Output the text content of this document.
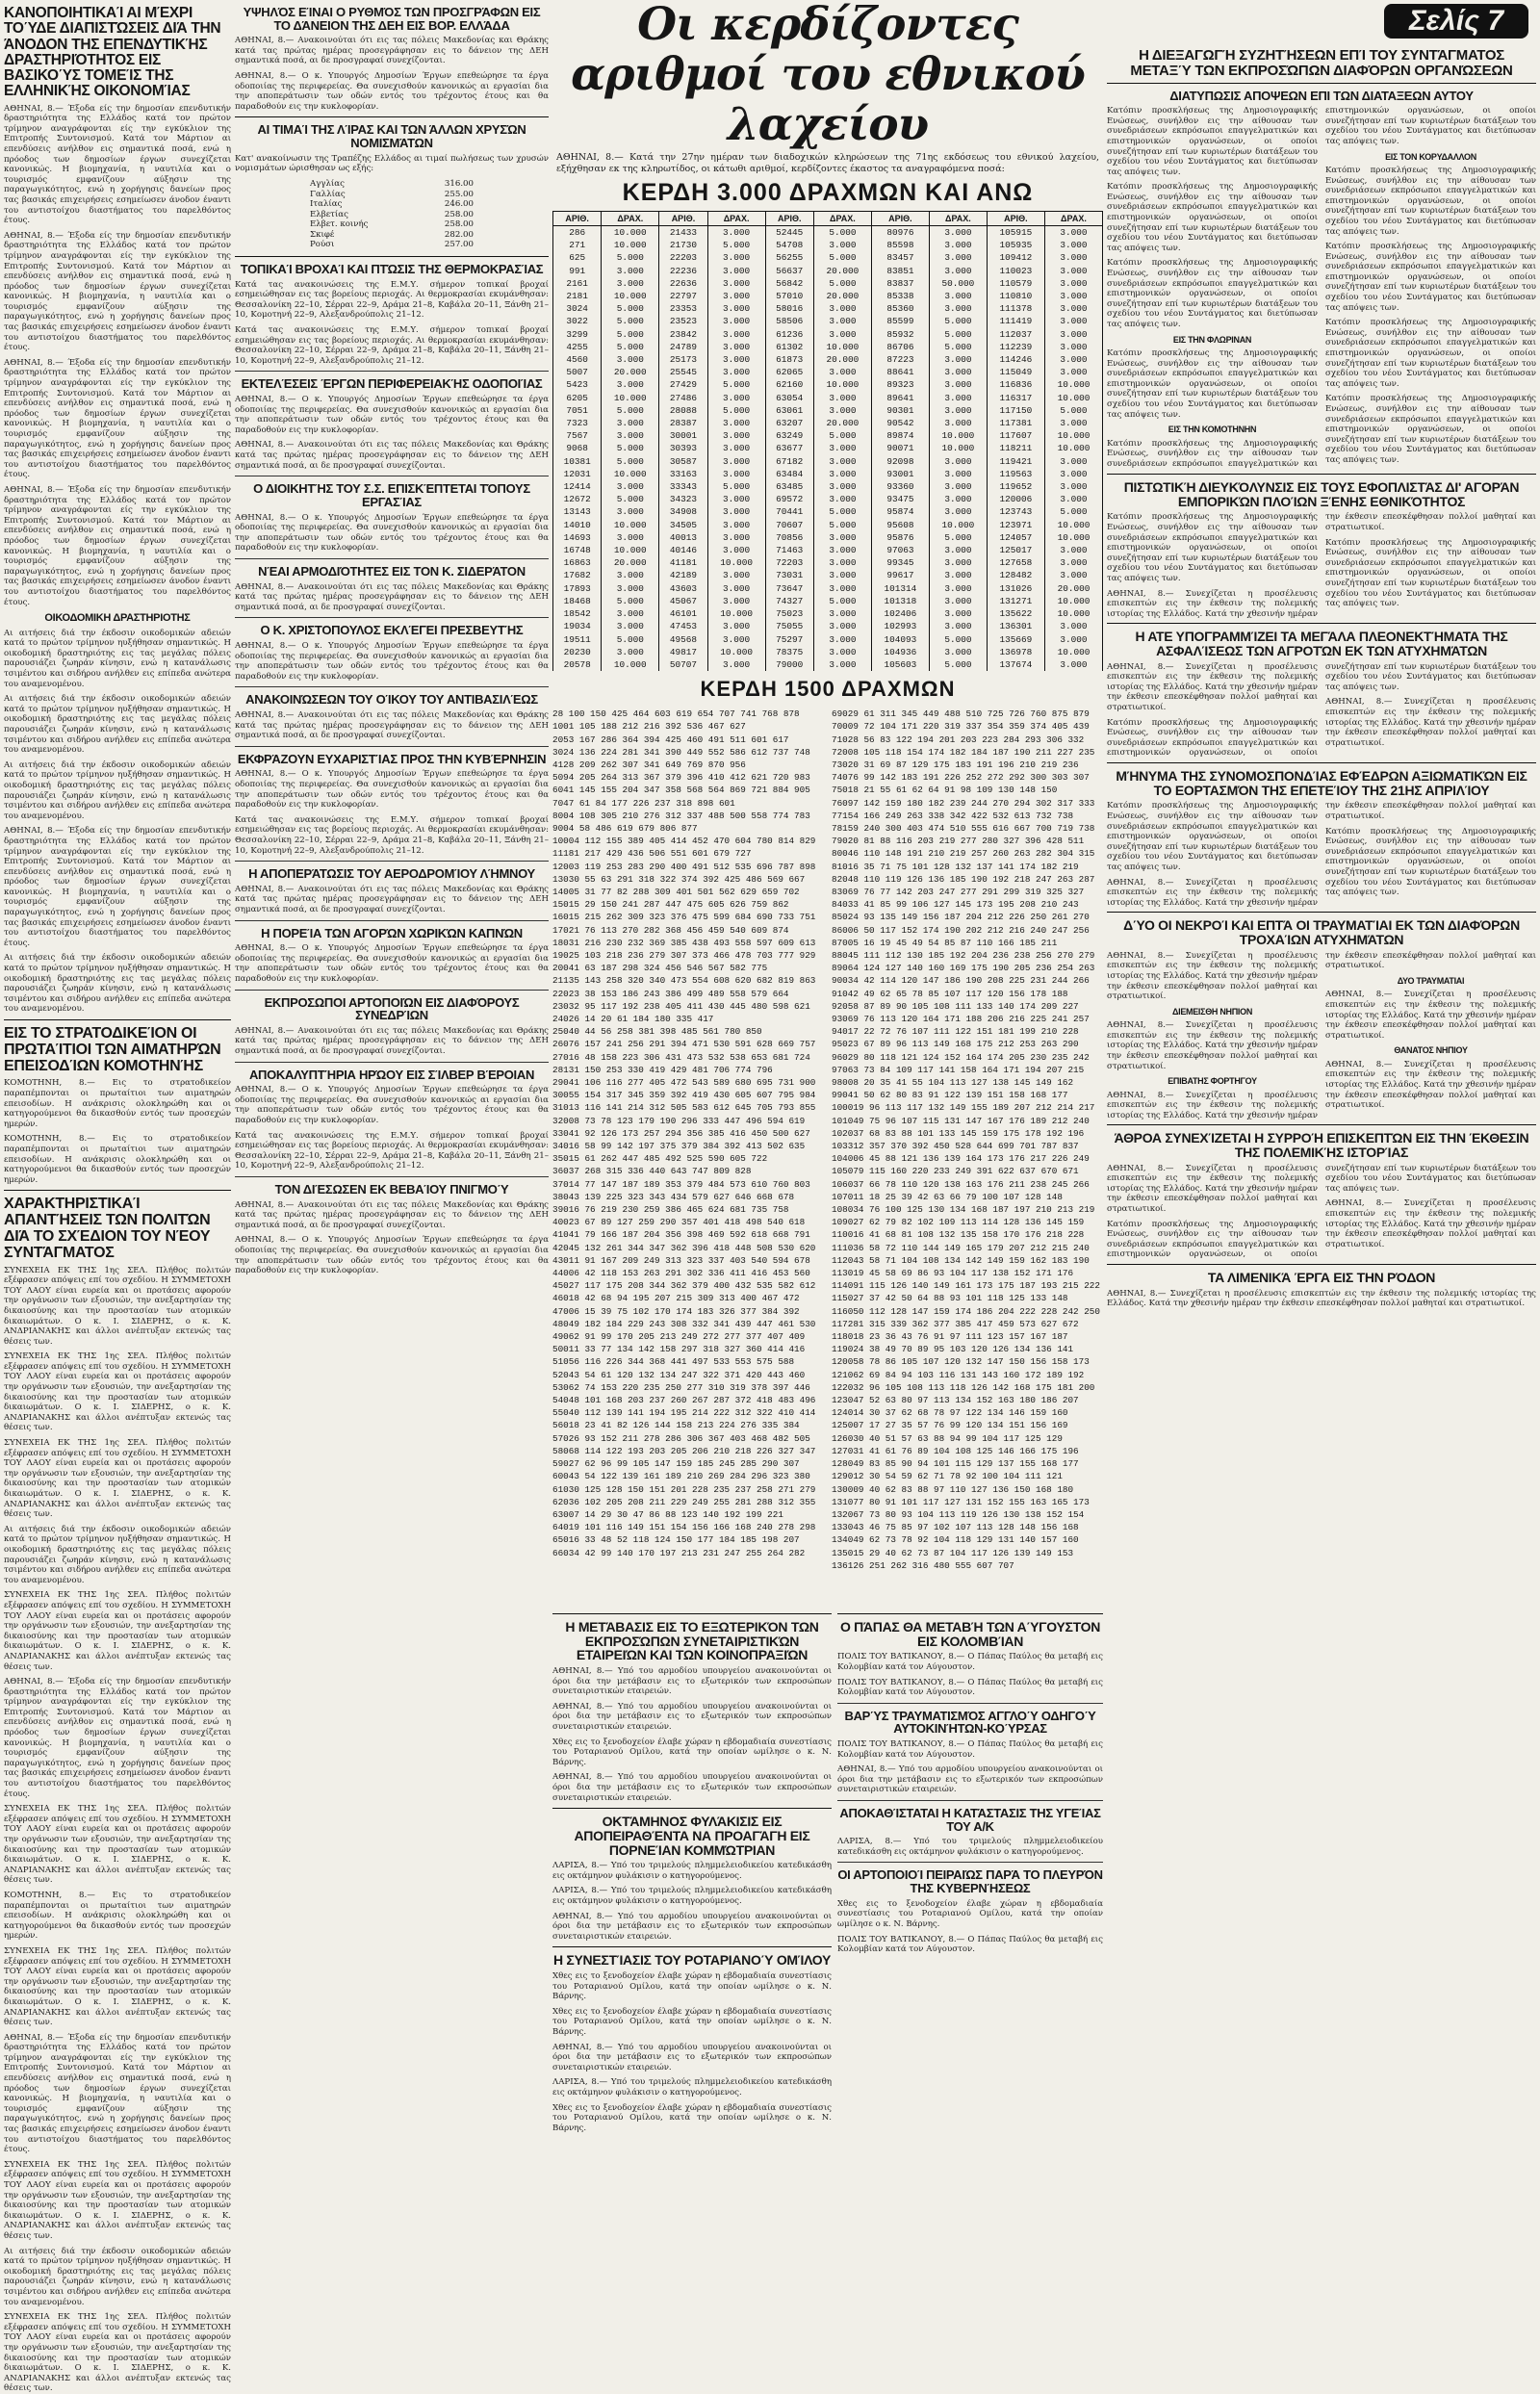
ΚΑΝΟΠΟΙΗΤΙΚΑΊ ΑΙ ΜΈΧΡΙ ΤΟΎΔΕ ΔΙΑΠΙΣΤΏΣΕΙΣ ΔΙΆ ΤΗΝ ΆΝΟΔΟΝ ΤΗΣ ΕΠΕΝΔΥΤΙΚΉΣ ΔΡΑΣΤΗΡΙΌΤΗΤΟΣ ΕΙΣ ΒΑΣΙΚΟΎΣ ΤΟΜΕΊΣ ΤΗΣ ΕΛΛΗΝΙΚΉΣ ΟΙΚΟΝΟΜΊΑΣ

ΑΘΗΝΑΙ, 8.— Έξοδα είς την δημοσίαν επενδυτικήν δραστηριότητα της Ελλάδος κατά τον πρώτον τρίμηνον αναγράφονται είς την εγκύκλιον της Επιτροπής Συντονισμού. Κατά τον Μάρτιον αι επενδύσεις ανήλθον εις σημαντικά ποσά, ενώ η πρόοδος των δημοσίων έργων συνεχίζεται κανονικώς. Η βιομηχανία, η ναυτιλία και ο τουρισμός εμφανίζουν αύξησιν της παραγωγικότητος, ενώ η χορήγησις δανείων προς τας βασικάς επιχειρήσεις εσημείωσεν άνοδον έναντι του αντιστοίχου διαστήματος του παρελθόντος έτους.

ΑΘΗΝΑΙ, 8.— Έξοδα είς την δημοσίαν επενδυτικήν δραστηριότητα της Ελλάδος κατά τον πρώτον τρίμηνον αναγράφονται είς την εγκύκλιον της Επιτροπής Συντονισμού. Κατά τον Μάρτιον αι επενδύσεις ανήλθον εις σημαντικά ποσά, ενώ η πρόοδος των δημοσίων έργων συνεχίζεται κανονικώς. Η βιομηχανία, η ναυτιλία και ο τουρισμός εμφανίζουν αύξησιν της παραγωγικότητος, ενώ η χορήγησις δανείων προς τας βασικάς επιχειρήσεις εσημείωσεν άνοδον έναντι του αντιστοίχου διαστήματος του παρελθόντος έτους.

ΑΘΗΝΑΙ, 8.— Έξοδα είς την δημοσίαν επενδυτικήν δραστηριότητα της Ελλάδος κατά τον πρώτον τρίμηνον αναγράφονται είς την εγκύκλιον της Επιτροπής Συντονισμού. Κατά τον Μάρτιον αι επενδύσεις ανήλθον εις σημαντικά ποσά, ενώ η πρόοδος των δημοσίων έργων συνεχίζεται κανονικώς. Η βιομηχανία, η ναυτιλία και ο τουρισμός εμφανίζουν αύξησιν της παραγωγικότητος, ενώ η χορήγησις δανείων προς τας βασικάς επιχειρήσεις εσημείωσεν άνοδον έναντι του αντιστοίχου διαστήματος του παρελθόντος έτους.

ΑΘΗΝΑΙ, 8.— Έξοδα είς την δημοσίαν επενδυτικήν δραστηριότητα της Ελλάδος κατά τον πρώτον τρίμηνον αναγράφονται είς την εγκύκλιον της Επιτροπής Συντονισμού. Κατά τον Μάρτιον αι επενδύσεις ανήλθον εις σημαντικά ποσά, ενώ η πρόοδος των δημοσίων έργων συνεχίζεται κανονικώς. Η βιομηχανία, η ναυτιλία και ο τουρισμός εμφανίζουν αύξησιν της παραγωγικότητος, ενώ η χορήγησις δανείων προς τας βασικάς επιχειρήσεις εσημείωσεν άνοδον έναντι του αντιστοίχου διαστήματος του παρελθόντος έτους.

ΟΙΚΟΔΟΜΙΚΗ ΔΡΑΣΤΗΡΙΟΤΗΣ

Αι αιτήσεις διά την έκδοσιν οικοδομικών αδειών κατά το πρώτον τρίμηνον ηυξήθησαν σημαντικώς. Η οικοδομική δραστηριότης εις τας μεγάλας πόλεις παρουσιάζει ζωηράν κίνησιν, ενώ η κατανάλωσις τσιμέντου και σιδήρου ανήλθεν εις επίπεδα ανώτερα του αναμενομένου.

Αι αιτήσεις διά την έκδοσιν οικοδομικών αδειών κατά το πρώτον τρίμηνον ηυξήθησαν σημαντικώς. Η οικοδομική δραστηριότης εις τας μεγάλας πόλεις παρουσιάζει ζωηράν κίνησιν, ενώ η κατανάλωσις τσιμέντου και σιδήρου ανήλθεν εις επίπεδα ανώτερα του αναμενομένου.

Αι αιτήσεις διά την έκδοσιν οικοδομικών αδειών κατά το πρώτον τρίμηνον ηυξήθησαν σημαντικώς. Η οικοδομική δραστηριότης εις τας μεγάλας πόλεις παρουσιάζει ζωηράν κίνησιν, ενώ η κατανάλωσις τσιμέντου και σιδήρου ανήλθεν εις επίπεδα ανώτερα του αναμενομένου.

ΑΘΗΝΑΙ, 8.— Έξοδα είς την δημοσίαν επενδυτικήν δραστηριότητα της Ελλάδος κατά τον πρώτον τρίμηνον αναγράφονται είς την εγκύκλιον της Επιτροπής Συντονισμού. Κατά τον Μάρτιον αι επενδύσεις ανήλθον εις σημαντικά ποσά, ενώ η πρόοδος των δημοσίων έργων συνεχίζεται κανονικώς. Η βιομηχανία, η ναυτιλία και ο τουρισμός εμφανίζουν αύξησιν της παραγωγικότητος, ενώ η χορήγησις δανείων προς τας βασικάς επιχειρήσεις εσημείωσεν άνοδον έναντι του αντιστοίχου διαστήματος του παρελθόντος έτους.

Αι αιτήσεις διά την έκδοσιν οικοδομικών αδειών κατά το πρώτον τρίμηνον ηυξήθησαν σημαντικώς. Η οικοδομική δραστηριότης εις τας μεγάλας πόλεις παρουσιάζει ζωηράν κίνησιν, ενώ η κατανάλωσις τσιμέντου και σιδήρου ανήλθεν εις επίπεδα ανώτερα του αναμενομένου.

ΕΙΣ ΤΟ ΣΤΡΑΤΟΔΙΚΕΊΟΝ ΟΙ ΠΡΩΤΑΊΤΙΟΙ ΤΩΝ ΑΙΜΑΤΗΡΏΝ ΕΠΕΙΣΟΔΊΩΝ ΚΟΜΟΤΗΝΉΣ

ΚΟΜΟΤΗΝΗ, 8.— Εις το στρατοδικείον παραπέμπονται οι πρωταίτιοι των αιματηρών επεισοδίων. Η ανάκρισις ολοκληρώθη και οι κατηγορούμενοι θα δικασθούν εντός των προσεχών ημερών.

ΚΟΜΟΤΗΝΗ, 8.— Εις το στρατοδικείον παραπέμπονται οι πρωταίτιοι των αιματηρών επεισοδίων. Η ανάκρισις ολοκληρώθη και οι κατηγορούμενοι θα δικασθούν εντός των προσεχών ημερών.

ΧΑΡΑΚΤΗΡΙΣΤΙΚΑΊ ΑΠΑΝΤΉΣΕΙΣ ΤΩΝ ΠΟΛΙΤΏΝ ΔΙΆ ΤΟ ΣΧΈΔΙΟΝ ΤΟΥ ΝΈΟΥ ΣΥΝΤΆΓΜΑΤΟΣ

ΣΥΝΕΧΕΙΑ ΕΚ ΤΗΣ 1ης ΣΕΛ. Πλήθος πολιτών εξέφρασεν απόψεις επί του σχεδίου. Η ΣΥΜΜΕΤΟΧΗ ΤΟΥ ΛΑΟΥ είναι ευρεία και οι προτάσεις αφορούν την οργάνωσιν των εξουσιών, την ανεξαρτησίαν της δικαιοσύνης και την προστασίαν των ατομικών δικαιωμάτων. Ο κ. Ι. ΣΙΔΕΡΗΣ, ο κ. Κ. ΑΝΔΡΙΑΝΑΚΗΣ και άλλοι ανέπτυξαν εκτενώς τας θέσεις των.

ΣΥΝΕΧΕΙΑ ΕΚ ΤΗΣ 1ης ΣΕΛ. Πλήθος πολιτών εξέφρασεν απόψεις επί του σχεδίου. Η ΣΥΜΜΕΤΟΧΗ ΤΟΥ ΛΑΟΥ είναι ευρεία και οι προτάσεις αφορούν την οργάνωσιν των εξουσιών, την ανεξαρτησίαν της δικαιοσύνης και την προστασίαν των ατομικών δικαιωμάτων. Ο κ. Ι. ΣΙΔΕΡΗΣ, ο κ. Κ. ΑΝΔΡΙΑΝΑΚΗΣ και άλλοι ανέπτυξαν εκτενώς τας θέσεις των.

ΣΥΝΕΧΕΙΑ ΕΚ ΤΗΣ 1ης ΣΕΛ. Πλήθος πολιτών εξέφρασεν απόψεις επί του σχεδίου. Η ΣΥΜΜΕΤΟΧΗ ΤΟΥ ΛΑΟΥ είναι ευρεία και οι προτάσεις αφορούν την οργάνωσιν των εξουσιών, την ανεξαρτησίαν της δικαιοσύνης και την προστασίαν των ατομικών δικαιωμάτων. Ο κ. Ι. ΣΙΔΕΡΗΣ, ο κ. Κ. ΑΝΔΡΙΑΝΑΚΗΣ και άλλοι ανέπτυξαν εκτενώς τας θέσεις των.

Αι αιτήσεις διά την έκδοσιν οικοδομικών αδειών κατά το πρώτον τρίμηνον ηυξήθησαν σημαντικώς. Η οικοδομική δραστηριότης εις τας μεγάλας πόλεις παρουσιάζει ζωηράν κίνησιν, ενώ η κατανάλωσις τσιμέντου και σιδήρου ανήλθεν εις επίπεδα ανώτερα του αναμενομένου.

ΣΥΝΕΧΕΙΑ ΕΚ ΤΗΣ 1ης ΣΕΛ. Πλήθος πολιτών εξέφρασεν απόψεις επί του σχεδίου. Η ΣΥΜΜΕΤΟΧΗ ΤΟΥ ΛΑΟΥ είναι ευρεία και οι προτάσεις αφορούν την οργάνωσιν των εξουσιών, την ανεξαρτησίαν της δικαιοσύνης και την προστασίαν των ατομικών δικαιωμάτων. Ο κ. Ι. ΣΙΔΕΡΗΣ, ο κ. Κ. ΑΝΔΡΙΑΝΑΚΗΣ και άλλοι ανέπτυξαν εκτενώς τας θέσεις των.

ΑΘΗΝΑΙ, 8.— Έξοδα είς την δημοσίαν επενδυτικήν δραστηριότητα της Ελλάδος κατά τον πρώτον τρίμηνον αναγράφονται είς την εγκύκλιον της Επιτροπής Συντονισμού. Κατά τον Μάρτιον αι επενδύσεις ανήλθον εις σημαντικά ποσά, ενώ η πρόοδος των δημοσίων έργων συνεχίζεται κανονικώς. Η βιομηχανία, η ναυτιλία και ο τουρισμός εμφανίζουν αύξησιν της παραγωγικότητος, ενώ η χορήγησις δανείων προς τας βασικάς επιχειρήσεις εσημείωσεν άνοδον έναντι του αντιστοίχου διαστήματος του παρελθόντος έτους.

ΣΥΝΕΧΕΙΑ ΕΚ ΤΗΣ 1ης ΣΕΛ. Πλήθος πολιτών εξέφρασεν απόψεις επί του σχεδίου. Η ΣΥΜΜΕΤΟΧΗ ΤΟΥ ΛΑΟΥ είναι ευρεία και οι προτάσεις αφορούν την οργάνωσιν των εξουσιών, την ανεξαρτησίαν της δικαιοσύνης και την προστασίαν των ατομικών δικαιωμάτων. Ο κ. Ι. ΣΙΔΕΡΗΣ, ο κ. Κ. ΑΝΔΡΙΑΝΑΚΗΣ και άλλοι ανέπτυξαν εκτενώς τας θέσεις των.

ΚΟΜΟΤΗΝΗ, 8.— Εις το στρατοδικείον παραπέμπονται οι πρωταίτιοι των αιματηρών επεισοδίων. Η ανάκρισις ολοκληρώθη και οι κατηγορούμενοι θα δικασθούν εντός των προσεχών ημερών.

ΣΥΝΕΧΕΙΑ ΕΚ ΤΗΣ 1ης ΣΕΛ. Πλήθος πολιτών εξέφρασεν απόψεις επί του σχεδίου. Η ΣΥΜΜΕΤΟΧΗ ΤΟΥ ΛΑΟΥ είναι ευρεία και οι προτάσεις αφορούν την οργάνωσιν των εξουσιών, την ανεξαρτησίαν της δικαιοσύνης και την προστασίαν των ατομικών δικαιωμάτων. Ο κ. Ι. ΣΙΔΕΡΗΣ, ο κ. Κ. ΑΝΔΡΙΑΝΑΚΗΣ και άλλοι ανέπτυξαν εκτενώς τας θέσεις των.

ΑΘΗΝΑΙ, 8.— Έξοδα είς την δημοσίαν επενδυτικήν δραστηριότητα της Ελλάδος κατά τον πρώτον τρίμηνον αναγράφονται είς την εγκύκλιον της Επιτροπής Συντονισμού. Κατά τον Μάρτιον αι επενδύσεις ανήλθον εις σημαντικά ποσά, ενώ η πρόοδος των δημοσίων έργων συνεχίζεται κανονικώς. Η βιομηχανία, η ναυτιλία και ο τουρισμός εμφανίζουν αύξησιν της παραγωγικότητος, ενώ η χορήγησις δανείων προς τας βασικάς επιχειρήσεις εσημείωσεν άνοδον έναντι του αντιστοίχου διαστήματος του παρελθόντος έτους.

ΣΥΝΕΧΕΙΑ ΕΚ ΤΗΣ 1ης ΣΕΛ. Πλήθος πολιτών εξέφρασεν απόψεις επί του σχεδίου. Η ΣΥΜΜΕΤΟΧΗ ΤΟΥ ΛΑΟΥ είναι ευρεία και οι προτάσεις αφορούν την οργάνωσιν των εξουσιών, την ανεξαρτησίαν της δικαιοσύνης και την προστασίαν των ατομικών δικαιωμάτων. Ο κ. Ι. ΣΙΔΕΡΗΣ, ο κ. Κ. ΑΝΔΡΙΑΝΑΚΗΣ και άλλοι ανέπτυξαν εκτενώς τας θέσεις των.

Αι αιτήσεις διά την έκδοσιν οικοδομικών αδειών κατά το πρώτον τρίμηνον ηυξήθησαν σημαντικώς. Η οικοδομική δραστηριότης εις τας μεγάλας πόλεις παρουσιάζει ζωηράν κίνησιν, ενώ η κατανάλωσις τσιμέντου και σιδήρου ανήλθεν εις επίπεδα ανώτερα του αναμενομένου.

ΣΥΝΕΧΕΙΑ ΕΚ ΤΗΣ 1ης ΣΕΛ. Πλήθος πολιτών εξέφρασεν απόψεις επί του σχεδίου. Η ΣΥΜΜΕΤΟΧΗ ΤΟΥ ΛΑΟΥ είναι ευρεία και οι προτάσεις αφορούν την οργάνωσιν των εξουσιών, την ανεξαρτησίαν της δικαιοσύνης και την προστασίαν των ατομικών δικαιωμάτων. Ο κ. Ι. ΣΙΔΕΡΗΣ, ο κ. Κ. ΑΝΔΡΙΑΝΑΚΗΣ και άλλοι ανέπτυξαν εκτενώς τας θέσεις των.

ΥΨΗΛΌΣ ΕΊΝΑΙ Ο ΡΥΘΜΌΣ ΤΩΝ ΠΡΟΣΓΡΆΦΩΝ ΕΙΣ ΤΟ ΔΆΝΕΙΟΝ ΤΗΣ ΔΕΗ ΕΙΣ ΒΟΡ. ΕΛΛΆΔΑ

ΑΘΗΝΑΙ, 8.— Ανακοινούται ότι εις τας πόλεις Μακεδονίας και Θράκης κατά τας πρώτας ημέρας προσεγράφησαν εις το δάνειον της ΔΕΗ σημαντικά ποσά, αι δε προσγραφαί συνεχίζονται.

ΑΘΗΝΑΙ, 8.— Ο κ. Υπουργός Δημοσίων Έργων επεθεώρησε τα έργα οδοποιίας της περιφερείας. Θα συνεχισθούν κανονικώς αι εργασίαι δια την αποπεράτωσιν των οδών εντός του τρέχοντος έτους και θα παραδοθούν εις την κυκλοφορίαν.

ΑΙ ΤΙΜΑΊ ΤΗΣ ΛΊΡΑΣ ΚΑΙ ΤΩΝ ΆΛΛΩΝ ΧΡΥΣΏΝ ΝΟΜΙΣΜΆΤΩΝ

Κατ' ανακοίνωσιν της Τραπέζης Ελλάδος αι τιμαί πωλήσεως των χρυσών νομισμάτων ώρισθησαν ως εξής:

Αγγλίας	316.00
Γαλλίας	255.00
Ιταλίας	246.00
Ελβετίας	258.00
Ελβετ. κοινής	258.00
Σκιφέ	282.00
Ρούσι	257.00
ΤΟΠΙΚΑΊ ΒΡΟΧΑΊ ΚΑΙ ΠΤΏΣΙΣ ΤΗΣ ΘΕΡΜΟΚΡΑΣΊΑΣ

Κατά τας ανακοινώσεις της Ε.Μ.Υ. σήμερον τοπικαί βροχαί εσημειώθησαν εις τας βορείους περιοχάς. Αι θερμοκρασίαι εκυμάνθησαν: Θεσσαλονίκη 22–10, Σέρραι 22–9, Δράμα 21–8, Καβάλα 20–11, Ξάνθη 21–10, Κομοτηνή 22–9, Αλεξανδρούπολις 21–12.

Κατά τας ανακοινώσεις της Ε.Μ.Υ. σήμερον τοπικαί βροχαί εσημειώθησαν εις τας βορείους περιοχάς. Αι θερμοκρασίαι εκυμάνθησαν: Θεσσαλονίκη 22–10, Σέρραι 22–9, Δράμα 21–8, Καβάλα 20–11, Ξάνθη 21–10, Κομοτηνή 22–9, Αλεξανδρούπολις 21–12.

ΕΚΤΕΛΈΣΕΙΣ ΈΡΓΩΝ ΠΕΡΙΦΕΡΕΙΑΚΉΣ ΟΔΟΠΟΙΊΑΣ

ΑΘΗΝΑΙ, 8.— Ο κ. Υπουργός Δημοσίων Έργων επεθεώρησε τα έργα οδοποιίας της περιφερείας. Θα συνεχισθούν κανονικώς αι εργασίαι δια την αποπεράτωσιν των οδών εντός του τρέχοντος έτους και θα παραδοθούν εις την κυκλοφορίαν.

ΑΘΗΝΑΙ, 8.— Ανακοινούται ότι εις τας πόλεις Μακεδονίας και Θράκης κατά τας πρώτας ημέρας προσεγράφησαν εις το δάνειον της ΔΕΗ σημαντικά ποσά, αι δε προσγραφαί συνεχίζονται.

Ο ΔΙΟΙΚΗΤΉΣ ΤΟΥ Σ.Σ. ΕΠΙΣΚΈΠΤΕΤΑΙ ΤΌΠΟΥΣ ΕΡΓΑΣΊΑΣ

ΑΘΗΝΑΙ, 8.— Ο κ. Υπουργός Δημοσίων Έργων επεθεώρησε τα έργα οδοποιίας της περιφερείας. Θα συνεχισθούν κανονικώς αι εργασίαι δια την αποπεράτωσιν των οδών εντός του τρέχοντος έτους και θα παραδοθούν εις την κυκλοφορίαν.

ΝΈΑΙ ΑΡΜΟΔΙΌΤΗΤΕΣ ΕΙΣ ΤΟΝ Κ. ΣΙΔΕΡΆΤΟΝ

ΑΘΗΝΑΙ, 8.— Ανακοινούται ότι εις τας πόλεις Μακεδονίας και Θράκης κατά τας πρώτας ημέρας προσεγράφησαν εις το δάνειον της ΔΕΗ σημαντικά ποσά, αι δε προσγραφαί συνεχίζονται.

Ο Κ. ΧΡΙΣΤΟΠΟΥΛΟΣ ΕΚΛΈΓΕΙ ΠΡΕΣΒΕΥΤΉΣ

ΑΘΗΝΑΙ, 8.— Ο κ. Υπουργός Δημοσίων Έργων επεθεώρησε τα έργα οδοποιίας της περιφερείας. Θα συνεχισθούν κανονικώς αι εργασίαι δια την αποπεράτωσιν των οδών εντός του τρέχοντος έτους και θα παραδοθούν εις την κυκλοφορίαν.

ΑΝΑΚΟΙΝΏΣΕΩΝ ΤΟΥ ΟΊΚΟΥ ΤΟΥ ΑΝΤΙΒΑΣΙΛΈΩΣ

ΑΘΗΝΑΙ, 8.— Ανακοινούται ότι εις τας πόλεις Μακεδονίας και Θράκης κατά τας πρώτας ημέρας προσεγράφησαν εις το δάνειον της ΔΕΗ σημαντικά ποσά, αι δε προσγραφαί συνεχίζονται.

ΕΚΦΡΆΖΟΥΝ ΕΥΧΑΡΙΣΤΊΑΣ ΠΡΟΣ ΤΗΝ ΚΥΒΈΡΝΗΣΙΝ

ΑΘΗΝΑΙ, 8.— Ο κ. Υπουργός Δημοσίων Έργων επεθεώρησε τα έργα οδοποιίας της περιφερείας. Θα συνεχισθούν κανονικώς αι εργασίαι δια την αποπεράτωσιν των οδών εντός του τρέχοντος έτους και θα παραδοθούν εις την κυκλοφορίαν.

Κατά τας ανακοινώσεις της Ε.Μ.Υ. σήμερον τοπικαί βροχαί εσημειώθησαν εις τας βορείους περιοχάς. Αι θερμοκρασίαι εκυμάνθησαν: Θεσσαλονίκη 22–10, Σέρραι 22–9, Δράμα 21–8, Καβάλα 20–11, Ξάνθη 21–10, Κομοτηνή 22–9, Αλεξανδρούπολις 21–12.

Η ΑΠΟΠΕΡΆΤΩΣΙΣ ΤΟΥ ΑΕΡΟΔΡΟΜΊΟΥ ΛΉΜΝΟΥ

ΑΘΗΝΑΙ, 8.— Ανακοινούται ότι εις τας πόλεις Μακεδονίας και Θράκης κατά τας πρώτας ημέρας προσεγράφησαν εις το δάνειον της ΔΕΗ σημαντικά ποσά, αι δε προσγραφαί συνεχίζονται.

Η ΠΟΡΕΊΑ ΤΩΝ ΑΓΟΡΏΝ ΧΩΡΙΚΏΝ ΚΑΠΝΏΝ

ΑΘΗΝΑΙ, 8.— Ο κ. Υπουργός Δημοσίων Έργων επεθεώρησε τα έργα οδοποιίας της περιφερείας. Θα συνεχισθούν κανονικώς αι εργασίαι δια την αποπεράτωσιν των οδών εντός του τρέχοντος έτους και θα παραδοθούν εις την κυκλοφορίαν.

ΕΚΠΡΟΣΩΠΟΙ ΑΡΤΟΠΟΙΏΝ ΕΙΣ ΔΙΑΦΌΡΟΥΣ ΣΥΝΕΔΡΊΩΝ

ΑΘΗΝΑΙ, 8.— Ανακοινούται ότι εις τας πόλεις Μακεδονίας και Θράκης κατά τας πρώτας ημέρας προσεγράφησαν εις το δάνειον της ΔΕΗ σημαντικά ποσά, αι δε προσγραφαί συνεχίζονται.

ΑΠΟΚΑΛΥΠΤΉΡΙΑ ΗΡΏΟΥ ΕΙΣ ΣΊΛΒΕΡ ΒΈΡΟΙΑΝ

ΑΘΗΝΑΙ, 8.— Ο κ. Υπουργός Δημοσίων Έργων επεθεώρησε τα έργα οδοποιίας της περιφερείας. Θα συνεχισθούν κανονικώς αι εργασίαι δια την αποπεράτωσιν των οδών εντός του τρέχοντος έτους και θα παραδοθούν εις την κυκλοφορίαν.

Κατά τας ανακοινώσεις της Ε.Μ.Υ. σήμερον τοπικαί βροχαί εσημειώθησαν εις τας βορείους περιοχάς. Αι θερμοκρασίαι εκυμάνθησαν: Θεσσαλονίκη 22–10, Σέρραι 22–9, Δράμα 21–8, Καβάλα 20–11, Ξάνθη 21–10, Κομοτηνή 22–9, Αλεξανδρούπολις 21–12.

ΤΟΝ ΔΙΈΣΩΣΕΝ ΕΚ ΒΕΒΑΊΟΥ ΠΝΙΓΜΟΎ

ΑΘΗΝΑΙ, 8.— Ανακοινούται ότι εις τας πόλεις Μακεδονίας και Θράκης κατά τας πρώτας ημέρας προσεγράφησαν εις το δάνειον της ΔΕΗ σημαντικά ποσά, αι δε προσγραφαί συνεχίζονται.

ΑΘΗΝΑΙ, 8.— Ο κ. Υπουργός Δημοσίων Έργων επεθεώρησε τα έργα οδοποιίας της περιφερείας. Θα συνεχισθούν κανονικώς αι εργασίαι δια την αποπεράτωσιν των οδών εντός του τρέχοντος έτους και θα παραδοθούν εις την κυκλοφορίαν.

Οι κερδίζοντες αριθμοί του εθνικού λαχείου

ΑΘΗΝΑΙ, 8.— Κατά την 27ην ημέραν των διαδοχικών κληρώσεων της 71ης εκδόσεως του εθνικού λαχείου, εξήχθησαν εκ της κληρωτίδος, οι κάτωθι αριθμοί, κερδίζοντες έκαστος τα αναγραφόμενα ποσά:

ΚΕΡΔΗ 3.000 ΔΡΑΧΜΩΝ ΚΑΙ ΑΝΩ
ΑΡΙΘ.	ΔΡΑΧ.	ΑΡΙΘ.	ΔΡΑΧ.	ΑΡΙΘ.	ΔΡΑΧ.	ΑΡΙΘ.	ΔΡΑΧ.	ΑΡΙΘ.	ΔΡΑΧ.
286	10.000	21433	3.000	52445	5.000	80976	3.000	105915	3.000
271	10.000	21730	5.000	54708	3.000	85598	3.000	105935	3.000
625	5.000	22203	3.000	56255	5.000	83457	3.000	109412	3.000
991	3.000	22236	3.000	56637	20.000	83851	3.000	110023	3.000
2161	3.000	22636	3.000	56842	5.000	83837	50.000	110579	3.000
2181	10.000	22797	3.000	57010	20.000	85338	3.000	110810	3.000
3024	5.000	23353	3.000	58016	3.000	85360	3.000	111378	3.000
3022	5.000	23523	3.000	58506	3.000	85599	5.000	111419	3.000
3299	5.000	23842	3.000	61236	3.000	85932	5.000	112037	3.000
4255	5.000	24789	3.000	61302	10.000	86706	5.000	112239	3.000
4560	3.000	25173	3.000	61873	20.000	87223	3.000	114246	3.000
5007	20.000	25545	3.000	62065	3.000	88641	3.000	115049	3.000
5423	3.000	27429	5.000	62160	10.000	89323	3.000	116836	10.000
6205	10.000	27486	3.000	63054	3.000	89641	3.000	116317	10.000
7051	5.000	28088	5.000	63061	3.000	90301	3.000	117150	5.000
7323	3.000	28387	3.000	63207	20.000	90542	3.000	117381	3.000
7567	3.000	30001	3.000	63249	5.000	89874	10.000	117607	10.000
9068	5.000	30393	3.000	63677	3.000	90071	10.000	118211	10.000
10381	5.000	30587	3.000	67182	3.000	92098	3.000	119421	3.000
12031	10.000	33163	3.000	63484	3.000	93001	3.000	119563	3.000
12414	3.000	33343	5.000	63485	3.000	93360	3.000	119652	3.000
12672	5.000	34323	3.000	69572	3.000	93475	3.000	120006	3.000
13143	3.000	34908	3.000	70441	5.000	95874	3.000	123743	5.000
14010	10.000	34505	3.000	70607	5.000	95608	10.000	123971	10.000
14693	3.000	40013	3.000	70856	3.000	95876	5.000	124057	10.000
16748	10.000	40146	3.000	71463	3.000	97063	3.000	125017	3.000
16863	20.000	41181	10.000	72203	3.000	99345	3.000	127658	3.000
17682	3.000	42189	3.000	73031	3.000	99617	3.000	128482	3.000
17893	3.000	43603	3.000	73647	3.000	101314	3.000	131026	20.000
18468	5.000	45067	3.000	74327	5.000	101318	3.000	131271	10.000
18542	3.000	46101	10.000	75023	3.000	102406	3.000	135622	10.000
19034	3.000	47453	3.000	75055	3.000	102993	3.000	136301	3.000
19511	5.000	49568	3.000	75297	3.000	104093	5.000	135669	3.000
20230	3.000	49817	10.000	78375	3.000	104936	3.000	136978	10.000
20578	10.000	50707	3.000	79000	3.000	105603	5.000	137674	3.000
ΚΕΡΔΗ 1500 ΔΡΑΧΜΩΝ
28 100 150 425 464 603 619 654 707 741 768 878
1001 105 188 212 216 392 536 467 627
2053 167 286 364 394 425 460 491 511 601 617
3024 136 224 281 341 390 449 552 586 612 737 748
4128 209 262 307 341 649 769 870 956
5094 205 264 313 367 379 396 410 412 621 720 983
6041 145 155 204 347 358 568 564 869 721 884 905
7047 61 84 177 226 237 318 898 601
8004 108 305 210 276 312 337 488 500 558 774 783
9004 58 486 619 679 806 877
10004 112 155 389 405 414 452 470 604 780 814 829
11181 217 429 436 506 551 601 679 727
12003 119 253 283 290 400 491 512 535 696 787 898
13030 55 63 291 318 322 374 392 425 486 569 667
14005 31 77 82 288 309 401 501 562 629 659 702
15015 29 150 241 287 447 475 605 626 759 862
16015 215 262 309 323 376 475 599 684 690 733 751
17021 76 113 270 282 368 456 459 540 609 874
18031 216 230 232 369 385 438 493 558 597 609 613
19025 103 218 236 279 307 373 466 478 703 777 929
20041 63 187 298 324 456 546 567 582 775
21135 143 258 320 340 473 554 608 620 682 819 863
22023 38 153 186 243 386 499 489 558 579 664
23032 95 117 192 238 405 411 430 445 480 598 621
24026 14 20 61 184 180 335 417
25040 44 56 258 381 398 485 561 780 850
26076 157 241 256 291 394 471 530 591 628 669 757
27016 48 158 223 306 431 473 532 538 653 681 724
28131 150 253 330 419 429 481 706 774 796
29041 106 116 277 405 472 543 589 680 695 731 900
30055 154 317 345 359 392 419 430 605 607 795 984
31013 116 141 214 312 505 583 612 645 705 793 855
32008 73 78 123 179 190 296 333 447 496 594 619
33041 92 126 173 257 294 356 385 416 450 500 627
34016 58 99 142 197 375 379 384 392 413 502 635
35015 61 262 447 485 492 525 590 605 722
36037 268 315 336 440 643 747 809 828
37014 77 147 187 189 353 379 484 573 610 760 803
38043 139 225 323 343 434 579 627 646 668 678
39016 76 219 230 259 386 465 624 681 735 758
40023 67 89 127 259 290 357 401 418 498 540 618
41041 79 166 187 204 356 398 469 592 618 668 791
42045 132 261 344 347 362 396 418 448 508 530 620
43011 91 167 209 249 313 323 337 403 540 594 678
44006 42 118 153 263 291 302 336 411 416 453 560
45027 117 175 208 344 362 379 400 432 535 582 612
46018 42 68 94 195 207 215 309 313 400 467 472
47006 15 39 75 102 170 174 183 326 377 384 392
48049 182 184 229 243 308 332 341 439 447 461 530
49062 91 99 170 205 213 249 272 277 377 407 409
50011 33 77 134 142 158 297 318 327 360 414 416
51056 116 226 344 368 441 497 533 553 575 588
52043 54 61 120 132 134 247 322 371 420 443 460
53062 74 153 220 235 250 277 310 319 378 397 446
54048 101 168 203 237 260 267 287 372 418 483 496
55040 112 139 141 194 195 214 222 312 322 410 414
56018 23 41 82 126 144 158 213 224 276 335 384
57026 93 152 211 278 286 306 367 403 468 482 505
58068 114 122 193 203 205 206 210 218 226 327 347
59027 62 96 99 105 147 159 185 245 285 290 307
60043 54 122 139 161 189 210 269 284 296 323 380
61030 125 128 150 151 201 228 235 237 258 271 279
62036 102 205 208 211 229 249 255 281 288 312 355
63007 14 29 30 47 86 88 123 140 192 199 221
64019 101 116 149 151 154 156 166 168 240 278 298
65016 33 48 52 118 124 150 177 184 185 198 207
66034 42 99 140 170 197 213 231 247 255 264 282
69029 61 311 345 449 488 510 725 726 760 875 879
70009 72 104 171 220 319 337 354 359 374 405 439
71028 56 83 122 194 201 203 223 284 293 306 332
72008 105 118 154 174 182 184 187 190 211 227 235
73020 31 69 87 129 175 183 191 196 210 219 236
74076 99 142 183 191 226 252 272 292 300 303 307
75018 21 55 61 62 64 91 98 109 130 148 150
76097 142 159 180 182 239 244 270 294 302 317 333
77154 166 249 263 338 342 422 532 613 732 738
78159 240 300 403 474 510 555 616 667 700 719 738
79020 81 88 116 203 219 277 280 327 396 428 511
80046 110 148 191 210 219 257 260 263 282 304 315
81016 35 71 75 101 128 132 137 141 174 182 219
82048 110 119 126 136 185 190 192 218 247 263 287
83069 76 77 142 203 247 277 291 299 319 325 327
84033 41 85 99 106 127 145 173 195 208 210 243
85024 93 135 149 156 187 204 212 226 250 261 270
86006 50 117 152 174 190 202 212 216 240 247 256
87005 16 19 45 49 54 85 87 110 166 185 211
88045 111 112 130 185 192 204 236 238 256 270 279
89064 124 127 140 160 169 175 190 205 236 254 263
90034 42 114 120 147 186 190 208 225 231 244 266
91042 49 62 65 78 85 107 117 120 156 178 188
92058 87 89 90 105 108 111 133 140 174 209 227
93069 76 113 120 164 171 188 206 216 225 241 257
94017 22 72 76 107 111 122 151 181 199 210 228
95023 67 89 96 113 149 168 175 212 253 263 290
96029 80 118 121 124 152 164 174 205 230 235 242
97063 73 84 109 117 141 158 164 171 194 207 215
98008 20 35 41 55 104 113 127 138 145 149 162
99041 50 62 80 83 91 122 139 151 158 168 177
100019 96 113 117 132 149 155 189 207 212 214 217
101049 75 96 107 115 131 147 167 176 189 212 240
102037 68 83 88 101 133 145 159 175 178 192 196
103312 357 370 392 450 528 644 699 701 787 837
104006 45 88 121 136 139 164 173 176 217 226 249
105079 115 160 220 233 249 391 622 637 670 671
106037 66 78 110 120 138 163 176 211 238 245 266
107011 18 25 39 42 63 66 79 100 107 128 148
108034 76 100 125 130 134 168 187 197 210 213 219
109027 62 79 82 102 109 113 114 128 136 145 159
110016 41 68 81 108 132 135 158 170 176 218 228
111036 58 72 110 144 149 165 179 207 212 215 240
112043 58 71 104 108 134 142 149 159 162 183 190
113019 45 58 69 86 93 104 117 138 152 171 176
114091 115 126 140 149 161 173 175 187 193 215 222
115027 37 42 50 64 88 93 101 118 125 133 148
116050 112 128 147 159 174 186 204 222 228 242 250
117281 315 339 362 377 385 417 459 573 627 672
118018 23 36 43 76 91 97 111 123 157 167 187
119024 38 49 70 89 95 103 120 126 134 136 141
120058 78 86 105 107 120 132 147 150 156 158 173
121062 69 84 94 103 116 131 143 160 172 189 192
122032 96 105 108 113 118 126 142 168 175 181 200
123047 52 63 80 97 113 134 152 163 180 186 207
124014 30 37 62 68 78 97 122 134 146 159 160
125007 17 27 35 57 76 99 120 134 151 156 169
126030 40 51 57 63 88 94 99 104 117 125 129
127031 41 61 76 89 104 108 125 146 166 175 196
128049 83 85 90 94 101 115 129 137 155 168 177
129012 30 54 59 62 71 78 92 100 104 111 121
130009 40 62 83 88 97 110 127 136 150 168 180
131077 80 91 101 117 127 131 152 155 163 165 173
132067 73 80 93 104 113 119 126 130 138 152 154
133043 46 75 85 97 102 107 113 128 148 156 168
134049 62 73 78 92 104 118 129 131 140 157 160
135015 29 40 62 73 87 104 117 126 139 149 153
136126 251 262 316 480 555 607 707
Η ΜΕΤΆΒΑΣΙΣ ΕΙΣ ΤΟ ΕΞΩΤΕΡΙΚΌΝ ΤΩΝ ΕΚΠΡΟΣΏΠΩΝ ΣΥΝΕΤΑΙΡΙΣΤΙΚΏΝ ΕΤΑΙΡΕΙΏΝ ΚΑΙ ΤΩΝ ΚΟΙΝΟΠΡΑΞΙΏΝ

ΑΘΗΝΑΙ, 8.— Υπό του αρμοδίου υπουργείου ανακοινούνται οι όροι δια την μετάβασιν εις το εξωτερικόν των εκπροσώπων συνεταιριστικών εταιρειών.

ΑΘΗΝΑΙ, 8.— Υπό του αρμοδίου υπουργείου ανακοινούνται οι όροι δια την μετάβασιν εις το εξωτερικόν των εκπροσώπων συνεταιριστικών εταιρειών.

Χθες εις το ξενοδοχείον έλαβε χώραν η εβδομαδιαία συνεστίασις του Ροταριανού Ομίλου, κατά την οποίαν ωμίλησε ο κ. Ν. Βάρνης.

ΑΘΗΝΑΙ, 8.— Υπό του αρμοδίου υπουργείου ανακοινούνται οι όροι δια την μετάβασιν εις το εξωτερικόν των εκπροσώπων συνεταιριστικών εταιρειών.

ΟΚΤΆΜΗΝΟΣ ΦΥΛΆΚΙΣΙΣ ΕΙΣ ΑΠΟΠΕΙΡΑΘΈΝΤΑ ΝΑ ΠΡΟΑΓΆΓΗ ΕΙΣ ΠΟΡΝΕΊΑΝ ΚΟΜΜΏΤΡΙΑΝ

ΛΑΡΙΣΑ, 8.— Υπό του τριμελούς πλημμελειοδικείου κατεδικάσθη εις οκτάμηνον φυλάκισιν ο κατηγορούμενος.

ΛΑΡΙΣΑ, 8.— Υπό του τριμελούς πλημμελειοδικείου κατεδικάσθη εις οκτάμηνον φυλάκισιν ο κατηγορούμενος.

ΑΘΗΝΑΙ, 8.— Υπό του αρμοδίου υπουργείου ανακοινούνται οι όροι δια την μετάβασιν εις το εξωτερικόν των εκπροσώπων συνεταιριστικών εταιρειών.

Η ΣΥΝΕΣΤΊΑΣΙΣ ΤΟΥ ΡΟΤΑΡΙΑΝΟΎ ΟΜΊΛΟΥ

Χθες εις το ξενοδοχείον έλαβε χώραν η εβδομαδιαία συνεστίασις του Ροταριανού Ομίλου, κατά την οποίαν ωμίλησε ο κ. Ν. Βάρνης.

Χθες εις το ξενοδοχείον έλαβε χώραν η εβδομαδιαία συνεστίασις του Ροταριανού Ομίλου, κατά την οποίαν ωμίλησε ο κ. Ν. Βάρνης.

ΑΘΗΝΑΙ, 8.— Υπό του αρμοδίου υπουργείου ανακοινούνται οι όροι δια την μετάβασιν εις το εξωτερικόν των εκπροσώπων συνεταιριστικών εταιρειών.

ΛΑΡΙΣΑ, 8.— Υπό του τριμελούς πλημμελειοδικείου κατεδικάσθη εις οκτάμηνον φυλάκισιν ο κατηγορούμενος.

Χθες εις το ξενοδοχείον έλαβε χώραν η εβδομαδιαία συνεστίασις του Ροταριανού Ομίλου, κατά την οποίαν ωμίλησε ο κ. Ν. Βάρνης.

Ο ΠΆΠΑΣ ΘΑ ΜΕΤΑΒΉ ΤΩΝ ΑΎΓΟΥΣΤΟΝ ΕΙΣ ΚΟΛΟΜΒΊΑΝ

ΠΟΛΙΣ ΤΟΥ ΒΑΤΙΚΑΝΟΥ, 8.— Ο Πάπας Παύλος θα μεταβή εις Κολομβίαν κατά τον Αύγουστον.

ΠΟΛΙΣ ΤΟΥ ΒΑΤΙΚΑΝΟΥ, 8.— Ο Πάπας Παύλος θα μεταβή εις Κολομβίαν κατά τον Αύγουστον.

ΒΑΡΎΣ ΤΡΑΥΜΑΤΙΣΜΌΣ ΑΓΓΛΟΎ ΟΔΗΓΟΎ ΑΥΤΟΚΙΝΉΤΩΝ-ΚΟΎΡΣΑΣ

ΠΟΛΙΣ ΤΟΥ ΒΑΤΙΚΑΝΟΥ, 8.— Ο Πάπας Παύλος θα μεταβή εις Κολομβίαν κατά τον Αύγουστον.

ΑΘΗΝΑΙ, 8.— Υπό του αρμοδίου υπουργείου ανακοινούνται οι όροι δια την μετάβασιν εις το εξωτερικόν των εκπροσώπων συνεταιριστικών εταιρειών.

ΑΠΟΚΑΘΊΣΤΑΤΑΙ Η ΚΑΤΆΣΤΑΣΙΣ ΤΗΣ ΥΓΕΊΑΣ ΤΟΥ Α/Κ

ΛΑΡΙΣΑ, 8.— Υπό του τριμελούς πλημμελειοδικείου κατεδικάσθη εις οκτάμηνον φυλάκισιν ο κατηγορούμενος.

ΟΙ ΑΡΤΟΠΟΙΟΊ ΠΕΙΡΑΙΏΣ ΠΑΡΆ ΤΟ ΠΛΕΥΡΌΝ ΤΗΣ ΚΥΒΕΡΝΉΣΕΩΣ

Χθες εις το ξενοδοχείον έλαβε χώραν η εβδομαδιαία συνεστίασις του Ροταριανού Ομίλου, κατά την οποίαν ωμίλησε ο κ. Ν. Βάρνης.

ΠΟΛΙΣ ΤΟΥ ΒΑΤΙΚΑΝΟΥ, 8.— Ο Πάπας Παύλος θα μεταβή εις Κολομβίαν κατά τον Αύγουστον.

Σελίς 7
Η ΔΙΕΞΑΓΩΓΉ ΣΥΖΗΤΉΣΕΩΝ ΕΠΊ ΤΟΥ ΣΥΝΤΆΓΜΑΤΟΣ ΜΕΤΑΞΎ ΤΩΝ ΕΚΠΡΟΣΏΠΩΝ ΔΙΑΦΌΡΩΝ ΟΡΓΑΝΏΣΕΩΝ
ΔΙΑΤΥΠΩΣΙΣ ΑΠΟΨΕΩΝ ΕΠΙ ΤΩΝ ΔΙΑΤΑΞΕΩΝ ΑΥΤΟΥ

Κατόπιν προσκλήσεως της Δημοσιογραφικής Ενώσεως, συνήλθον εις την αίθουσαν των συνεδριάσεων εκπρόσωποι επαγγελματικών και επιστημονικών οργανώσεων, οι οποίοι συνεζήτησαν επί των κυριωτέρων διατάξεων του σχεδίου του νέου Συντάγματος και διετύπωσαν τας απόψεις των.

Κατόπιν προσκλήσεως της Δημοσιογραφικής Ενώσεως, συνήλθον εις την αίθουσαν των συνεδριάσεων εκπρόσωποι επαγγελματικών και επιστημονικών οργανώσεων, οι οποίοι συνεζήτησαν επί των κυριωτέρων διατάξεων του σχεδίου του νέου Συντάγματος και διετύπωσαν τας απόψεις των.

Κατόπιν προσκλήσεως της Δημοσιογραφικής Ενώσεως, συνήλθον εις την αίθουσαν των συνεδριάσεων εκπρόσωποι επαγγελματικών και επιστημονικών οργανώσεων, οι οποίοι συνεζήτησαν επί των κυριωτέρων διατάξεων του σχεδίου του νέου Συντάγματος και διετύπωσαν τας απόψεις των.

ΕΙΣ ΤΗΝ ΦΛΩΡΙΝΑΝ

Κατόπιν προσκλήσεως της Δημοσιογραφικής Ενώσεως, συνήλθον εις την αίθουσαν των συνεδριάσεων εκπρόσωποι επαγγελματικών και επιστημονικών οργανώσεων, οι οποίοι συνεζήτησαν επί των κυριωτέρων διατάξεων του σχεδίου του νέου Συντάγματος και διετύπωσαν τας απόψεις των.

ΕΙΣ ΤΗΝ ΚΟΜΟΤΗΝΗΝ

Κατόπιν προσκλήσεως της Δημοσιογραφικής Ενώσεως, συνήλθον εις την αίθουσαν των συνεδριάσεων εκπρόσωποι επαγγελματικών και επιστημονικών οργανώσεων, οι οποίοι συνεζήτησαν επί των κυριωτέρων διατάξεων του σχεδίου του νέου Συντάγματος και διετύπωσαν τας απόψεις των.

ΕΙΣ ΤΟΝ ΚΟΡΥΔΑΛΛΟΝ

Κατόπιν προσκλήσεως της Δημοσιογραφικής Ενώσεως, συνήλθον εις την αίθουσαν των συνεδριάσεων εκπρόσωποι επαγγελματικών και επιστημονικών οργανώσεων, οι οποίοι συνεζήτησαν επί των κυριωτέρων διατάξεων του σχεδίου του νέου Συντάγματος και διετύπωσαν τας απόψεις των.

Κατόπιν προσκλήσεως της Δημοσιογραφικής Ενώσεως, συνήλθον εις την αίθουσαν των συνεδριάσεων εκπρόσωποι επαγγελματικών και επιστημονικών οργανώσεων, οι οποίοι συνεζήτησαν επί των κυριωτέρων διατάξεων του σχεδίου του νέου Συντάγματος και διετύπωσαν τας απόψεις των.

Κατόπιν προσκλήσεως της Δημοσιογραφικής Ενώσεως, συνήλθον εις την αίθουσαν των συνεδριάσεων εκπρόσωποι επαγγελματικών και επιστημονικών οργανώσεων, οι οποίοι συνεζήτησαν επί των κυριωτέρων διατάξεων του σχεδίου του νέου Συντάγματος και διετύπωσαν τας απόψεις των.

Κατόπιν προσκλήσεως της Δημοσιογραφικής Ενώσεως, συνήλθον εις την αίθουσαν των συνεδριάσεων εκπρόσωποι επαγγελματικών και επιστημονικών οργανώσεων, οι οποίοι συνεζήτησαν επί των κυριωτέρων διατάξεων του σχεδίου του νέου Συντάγματος και διετύπωσαν τας απόψεις των.

ΠΙΣΤΩΤΙΚΉ ΔΙΕΥΚΌΛΥΝΣΙΣ ΕΙΣ ΤΟΥΣ ΕΦΟΠΛΙΣΤΆΣ ΔΙ' ΑΓΟΡΆΝ ΕΜΠΟΡΙΚΏΝ ΠΛΟΊΩΝ ΞΈΝΗΣ ΕΘΝΙΚΌΤΗΤΟΣ

Κατόπιν προσκλήσεως της Δημοσιογραφικής Ενώσεως, συνήλθον εις την αίθουσαν των συνεδριάσεων εκπρόσωποι επαγγελματικών και επιστημονικών οργανώσεων, οι οποίοι συνεζήτησαν επί των κυριωτέρων διατάξεων του σχεδίου του νέου Συντάγματος και διετύπωσαν τας απόψεις των.

ΑΘΗΝΑΙ, 8.— Συνεχίζεται η προσέλευσις επισκεπτών εις την έκθεσιν της πολεμικής ιστορίας της Ελλάδος. Κατά την χθεσινήν ημέραν την έκθεσιν επεσκέφθησαν πολλοί μαθηταί και στρατιωτικοί.

Κατόπιν προσκλήσεως της Δημοσιογραφικής Ενώσεως, συνήλθον εις την αίθουσαν των συνεδριάσεων εκπρόσωποι επαγγελματικών και επιστημονικών οργανώσεων, οι οποίοι συνεζήτησαν επί των κυριωτέρων διατάξεων του σχεδίου του νέου Συντάγματος και διετύπωσαν τας απόψεις των.

Η ΑΤΕ ΥΠΟΓΡΑΜΜΊΖΕΙ ΤΑ ΜΕΓΆΛΑ ΠΛΕΟΝΕΚΤΉΜΑΤΑ ΤΗΣ ΑΣΦΑΛΊΣΕΩΣ ΤΩΝ ΑΓΡΟΤΏΝ ΕΚ ΤΩΝ ΑΤΥΧΗΜΆΤΩΝ

ΑΘΗΝΑΙ, 8.— Συνεχίζεται η προσέλευσις επισκεπτών εις την έκθεσιν της πολεμικής ιστορίας της Ελλάδος. Κατά την χθεσινήν ημέραν την έκθεσιν επεσκέφθησαν πολλοί μαθηταί και στρατιωτικοί.

Κατόπιν προσκλήσεως της Δημοσιογραφικής Ενώσεως, συνήλθον εις την αίθουσαν των συνεδριάσεων εκπρόσωποι επαγγελματικών και επιστημονικών οργανώσεων, οι οποίοι συνεζήτησαν επί των κυριωτέρων διατάξεων του σχεδίου του νέου Συντάγματος και διετύπωσαν τας απόψεις των.

ΑΘΗΝΑΙ, 8.— Συνεχίζεται η προσέλευσις επισκεπτών εις την έκθεσιν της πολεμικής ιστορίας της Ελλάδος. Κατά την χθεσινήν ημέραν την έκθεσιν επεσκέφθησαν πολλοί μαθηταί και στρατιωτικοί.

ΜΉΝΥΜΑ ΤΗΣ ΣΥΝΟΜΟΣΠΟΝΔΊΑΣ ΕΦΈΔΡΩΝ ΑΞΙΩΜΑΤΙΚΏΝ ΕΙΣ ΤΟ ΕΟΡΤΑΣΜΌΝ ΤΗΣ ΕΠΕΤΕΊΟΥ ΤΗΣ 21ΗΣ ΑΠΡΙΛΊΟΥ

Κατόπιν προσκλήσεως της Δημοσιογραφικής Ενώσεως, συνήλθον εις την αίθουσαν των συνεδριάσεων εκπρόσωποι επαγγελματικών και επιστημονικών οργανώσεων, οι οποίοι συνεζήτησαν επί των κυριωτέρων διατάξεων του σχεδίου του νέου Συντάγματος και διετύπωσαν τας απόψεις των.

ΑΘΗΝΑΙ, 8.— Συνεχίζεται η προσέλευσις επισκεπτών εις την έκθεσιν της πολεμικής ιστορίας της Ελλάδος. Κατά την χθεσινήν ημέραν την έκθεσιν επεσκέφθησαν πολλοί μαθηταί και στρατιωτικοί.

Κατόπιν προσκλήσεως της Δημοσιογραφικής Ενώσεως, συνήλθον εις την αίθουσαν των συνεδριάσεων εκπρόσωποι επαγγελματικών και επιστημονικών οργανώσεων, οι οποίοι συνεζήτησαν επί των κυριωτέρων διατάξεων του σχεδίου του νέου Συντάγματος και διετύπωσαν τας απόψεις των.

ΔΎΟ ΟΙ ΝΕΚΡΟΊ ΚΑΙ ΕΠΤΆ ΟΙ ΤΡΑΥΜΑΤΊΑΙ ΕΚ ΤΩΝ ΔΙΑΦΌΡΩΝ ΤΡΟΧΑΊΩΝ ΑΤΥΧΗΜΆΤΩΝ

ΑΘΗΝΑΙ, 8.— Συνεχίζεται η προσέλευσις επισκεπτών εις την έκθεσιν της πολεμικής ιστορίας της Ελλάδος. Κατά την χθεσινήν ημέραν την έκθεσιν επεσκέφθησαν πολλοί μαθηταί και στρατιωτικοί.

ΔΙΕΜΕΙΣΘΗ ΝΗΠΙΟΝ

ΑΘΗΝΑΙ, 8.— Συνεχίζεται η προσέλευσις επισκεπτών εις την έκθεσιν της πολεμικής ιστορίας της Ελλάδος. Κατά την χθεσινήν ημέραν την έκθεσιν επεσκέφθησαν πολλοί μαθηταί και στρατιωτικοί.

ΕΠΙΒΑΤΗΣ ΦΟΡΤΗΓΟΥ

ΑΘΗΝΑΙ, 8.— Συνεχίζεται η προσέλευσις επισκεπτών εις την έκθεσιν της πολεμικής ιστορίας της Ελλάδος. Κατά την χθεσινήν ημέραν την έκθεσιν επεσκέφθησαν πολλοί μαθηταί και στρατιωτικοί.

ΔΥΟ ΤΡΑΥΜΑΤΙΑΙ

ΑΘΗΝΑΙ, 8.— Συνεχίζεται η προσέλευσις επισκεπτών εις την έκθεσιν της πολεμικής ιστορίας της Ελλάδος. Κατά την χθεσινήν ημέραν την έκθεσιν επεσκέφθησαν πολλοί μαθηταί και στρατιωτικοί.

ΘΑΝΑΤΟΣ ΝΗΠΙΟΥ

ΑΘΗΝΑΙ, 8.— Συνεχίζεται η προσέλευσις επισκεπτών εις την έκθεσιν της πολεμικής ιστορίας της Ελλάδος. Κατά την χθεσινήν ημέραν την έκθεσιν επεσκέφθησαν πολλοί μαθηταί και στρατιωτικοί.

ΆΘΡΟΑ ΣΥΝΕΧΊΖΕΤΑΙ Η ΣΥΡΡΟΉ ΕΠΙΣΚΕΠΤΏΝ ΕΙΣ ΤΗΝ ΈΚΘΕΣΙΝ ΤΗΣ ΠΟΛΕΜΙΚΉΣ ΙΣΤΟΡΊΑΣ

ΑΘΗΝΑΙ, 8.— Συνεχίζεται η προσέλευσις επισκεπτών εις την έκθεσιν της πολεμικής ιστορίας της Ελλάδος. Κατά την χθεσινήν ημέραν την έκθεσιν επεσκέφθησαν πολλοί μαθηταί και στρατιωτικοί.

Κατόπιν προσκλήσεως της Δημοσιογραφικής Ενώσεως, συνήλθον εις την αίθουσαν των συνεδριάσεων εκπρόσωποι επαγγελματικών και επιστημονικών οργανώσεων, οι οποίοι συνεζήτησαν επί των κυριωτέρων διατάξεων του σχεδίου του νέου Συντάγματος και διετύπωσαν τας απόψεις των.

ΑΘΗΝΑΙ, 8.— Συνεχίζεται η προσέλευσις επισκεπτών εις την έκθεσιν της πολεμικής ιστορίας της Ελλάδος. Κατά την χθεσινήν ημέραν την έκθεσιν επεσκέφθησαν πολλοί μαθηταί και στρατιωτικοί.

ΤΑ ΛΙΜΕΝΙΚΆ ΈΡΓΑ ΕΙΣ ΤΗΝ ΡΌΔΟΝ

ΑΘΗΝΑΙ, 8.— Συνεχίζεται η προσέλευσις επισκεπτών εις την έκθεσιν της πολεμικής ιστορίας της Ελλάδος. Κατά την χθεσινήν ημέραν την έκθεσιν επεσκέφθησαν πολλοί μαθηταί και στρατιωτικοί.
